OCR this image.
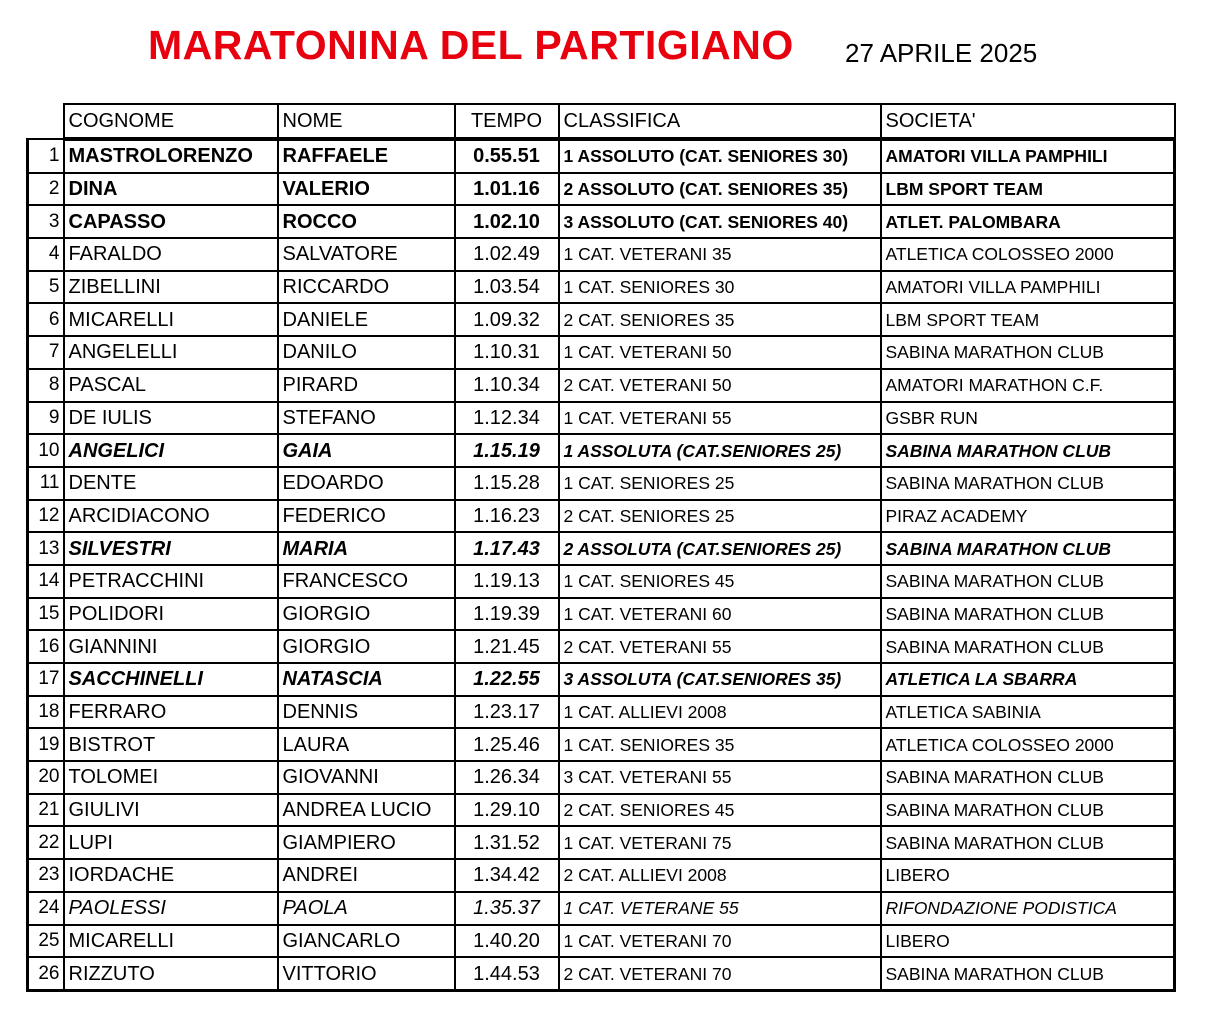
MARATONINA DEL PARTIGIANO 27 APRILE 2025
	COGNOME	NOME	TEMPO	CLASSIFICA	SOCIETA'
1	MASTROLORENZO	RAFFAELE	0.55.51	1 ASSOLUTO (CAT. SENIORES 30)	AMATORI VILLA PAMPHILI
2	DINA	VALERIO	1.01.16	2 ASSOLUTO (CAT. SENIORES 35)	LBM SPORT TEAM
3	CAPASSO	ROCCO	1.02.10	3 ASSOLUTO (CAT. SENIORES 40)	ATLET. PALOMBARA
4	FARALDO	SALVATORE	1.02.49	1 CAT. VETERANI 35	ATLETICA COLOSSEO 2000
5	ZIBELLINI	RICCARDO	1.03.54	1 CAT. SENIORES 30	AMATORI VILLA PAMPHILI
6	MICARELLI	DANIELE	1.09.32	2 CAT. SENIORES 35	LBM SPORT TEAM
7	ANGELELLI	DANILO	1.10.31	1 CAT. VETERANI 50	SABINA MARATHON CLUB
8	PASCAL	PIRARD	1.10.34	2 CAT. VETERANI 50	AMATORI MARATHON C.F.
9	DE IULIS	STEFANO	1.12.34	1 CAT. VETERANI 55	GSBR RUN
10	ANGELICI	GAIA	1.15.19	1 ASSOLUTA (CAT.SENIORES 25)	SABINA MARATHON CLUB
11	DENTE	EDOARDO	1.15.28	1 CAT. SENIORES 25	SABINA MARATHON CLUB
12	ARCIDIACONO	FEDERICO	1.16.23	2 CAT. SENIORES 25	PIRAZ ACADEMY
13	SILVESTRI	MARIA	1.17.43	2 ASSOLUTA (CAT.SENIORES 25)	SABINA MARATHON CLUB
14	PETRACCHINI	FRANCESCO	1.19.13	1 CAT. SENIORES 45	SABINA MARATHON CLUB
15	POLIDORI	GIORGIO	1.19.39	1 CAT. VETERANI 60	SABINA MARATHON CLUB
16	GIANNINI	GIORGIO	1.21.45	2 CAT. VETERANI 55	SABINA MARATHON CLUB
17	SACCHINELLI	NATASCIA	1.22.55	3 ASSOLUTA (CAT.SENIORES 35)	ATLETICA LA SBARRA
18	FERRARO	DENNIS	1.23.17	1 CAT. ALLIEVI 2008	ATLETICA SABINIA
19	BISTROT	LAURA	1.25.46	1 CAT. SENIORES 35	ATLETICA COLOSSEO 2000
20	TOLOMEI	GIOVANNI	1.26.34	3 CAT. VETERANI 55	SABINA MARATHON CLUB
21	GIULIVI	ANDREA LUCIO	1.29.10	2 CAT. SENIORES 45	SABINA MARATHON CLUB
22	LUPI	GIAMPIERO	1.31.52	1 CAT. VETERANI 75	SABINA MARATHON CLUB
23	IORDACHE	ANDREI	1.34.42	2 CAT. ALLIEVI 2008	LIBERO
24	PAOLESSI	PAOLA	1.35.37	1 CAT. VETERANE 55	RIFONDAZIONE PODISTICA
25	MICARELLI	GIANCARLO	1.40.20	1 CAT. VETERANI 70	LIBERO
26	RIZZUTO	VITTORIO	1.44.53	2 CAT. VETERANI 70	SABINA MARATHON CLUB
